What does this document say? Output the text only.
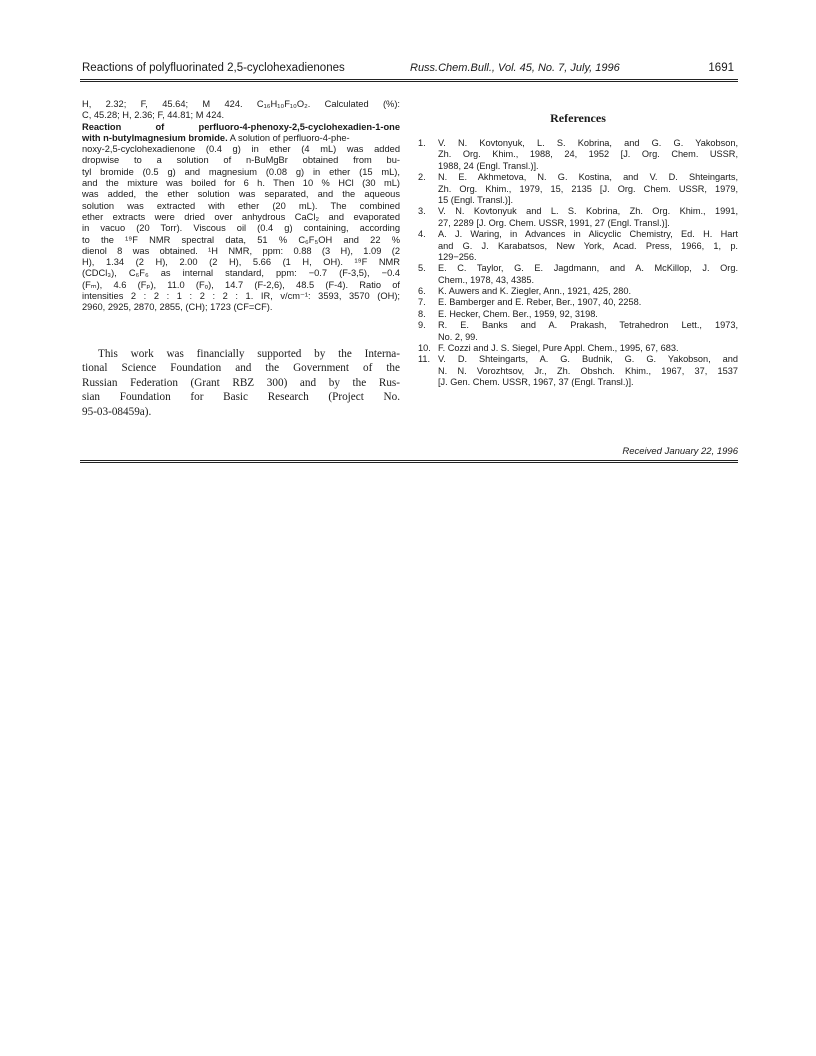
Reactions of polyfluorinated 2,5-cyclohexadienones	Russ.Chem.Bull., Vol. 45, No. 7, July, 1996	1691
H, 2.32; F, 45.64; M 424. C₁₆H₁₀F₁₀O₂. Calculated (%):
C, 45.28; H, 2.36; F, 44.81; M 424.
Reaction of perfluoro-4-phenoxy-2,5-cyclohexadien-1-one
with n-butylmagnesium bromide. A solution of perfluoro-4-phe-
noxy-2,5-cyclohexadienone (0.4 g) in ether (4 mL) was added
dropwise to a solution of n-BuMgBr obtained from bu-
tyl bromide (0.5 g) and magnesium (0.08 g) in ether (15 mL),
and the mixture was boiled for 6 h. Then 10 % HCl (30 mL)
was added, the ether solution was separated, and the aqueous
solution was extracted with ether (20 mL). The combined
ether extracts were dried over anhydrous CaCl₂ and evaporated
in vacuo (20 Torr). Viscous oil (0.4 g) containing, according
to the ¹⁹F NMR spectral data, 51 % C₆F₅OH and 22 %
dienol 8 was obtained. ¹H NMR, ppm: 0.88 (3 H), 1.09 (2
H), 1.34 (2 H), 2.00 (2 H), 5.66 (1 H, OH). ¹⁹F NMR
(CDCl₃), C₆F₆ as internal standard, ppm: −0.7 (F-3,5), −0.4
(Fₘ), 4.6 (Fₚ), 11.0 (Fₒ), 14.7 (F-2,6), 48.5 (F-4). Ratio of
intensities 2 : 2 : 1 : 2 : 2 : 1. IR, v/cm⁻¹: 3593, 3570 (OH);
2960, 2925, 2870, 2855, (CH); 1723 (CF=CF).
This work was financially supported by the Interna-
tional Science Foundation and the Government of the
Russian Federation (Grant RBZ 300) and by the Rus-
sian Foundation for Basic Research (Project No.
95-03-08459a).
References
1.	V. N. Kovtonyuk, L. S. Kobrina, and G. G. Yakobson,
Zh. Org. Khim., 1988, 24, 1952 [J. Org. Chem. USSR,
1988, 24 (Engl. Transl.)].
2.	N. E. Akhmetova, N. G. Kostina, and V. D. Shteingarts,
Zh. Org. Khim., 1979, 15, 2135 [J. Org. Chem. USSR, 1979,
15 (Engl. Transl.)].
3.	V. N. Kovtonyuk and L. S. Kobrina, Zh. Org. Khim., 1991,
27, 2289 [J. Org. Chem. USSR, 1991, 27 (Engl. Transl.)].
4.	A. J. Waring, in Advances in Alicyclic Chemistry, Ed. H. Hart
and G. J. Karabatsos, New York, Acad. Press, 1966, 1, p.
129−256.
5.	E. C. Taylor, G. E. Jagdmann, and A. McKillop, J. Org.
Chem., 1978, 43, 4385.
6.	K. Auwers and K. Ziegler, Ann., 1921, 425, 280.
7.	E. Bamberger and E. Reber, Ber., 1907, 40, 2258.
8.	E. Hecker, Chem. Ber., 1959, 92, 3198.
9.	R. E. Banks and A. Prakash, Tetrahedron Lett., 1973,
No. 2, 99.
10. F. Cozzi and J. S. Siegel, Pure Appl. Chem., 1995, 67, 683.
11. V. D. Shteingarts, A. G. Budnik, G. G. Yakobson, and
N. N. Vorozhtsov, Jr., Zh. Obshch. Khim., 1967, 37, 1537
[J. Gen. Chem. USSR, 1967, 37 (Engl. Transl.)].
Received January 22, 1996
